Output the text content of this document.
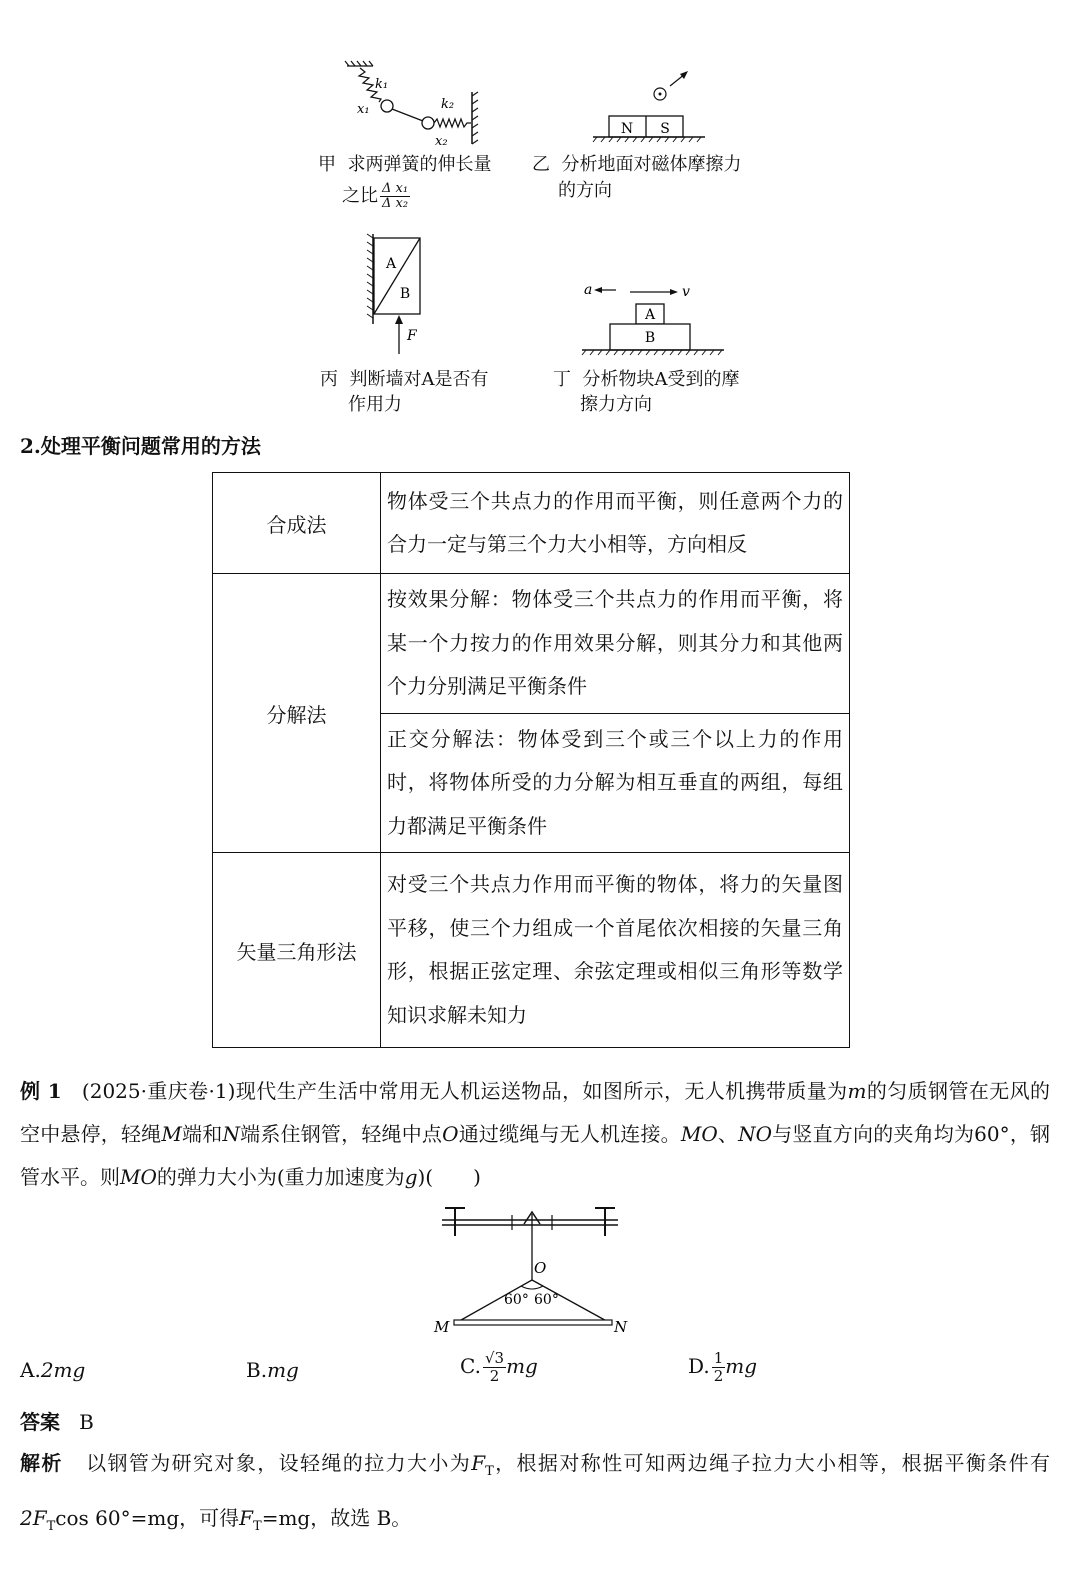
k₁
x₁	k₂
x₂
甲 求两弹簧的伸长量
之比 $\frac{\text{Δ x₁}}{\text{Δ x₂}}$
N S
乙 分析地面对磁体摩擦力
的方向
A
B
F
丙 判断墙对A是否有
作用力
a	v
A
B
丁 分析物块A受到的摩
擦力方向
2.处理平衡问题常用的方法
合成法	物体受三个共点力的作用而平衡，则任意两个力的合力一定与第三个力大小相等，方向相反
分解法	按效果分解：物体受三个共点力的作用而平衡，将某一个力按力的作用效果分解，则其分力和其他两个力分别满足平衡条件
	正交分解法：物体受到三个或三个以上力的作用时，将物体所受的力分解为相互垂直的两组，每组力都满足平衡条件
矢量三角形法	对受三个共点力作用而平衡的物体，将力的矢量图平移，使三个力组成一个首尾依次相接的矢量三角形，根据正弦定理、余弦定理或相似三角形等数学知识求解未知力
例 1 (2025·重庆卷·1)现代生产生活中常用无人机运送物品，如图所示，无人机携带质量为m的匀质钢管在无风的空中悬停，轻绳M端和N端系住钢管，轻绳中点O通过缆绳与无人机连接。MO、NO与竖直方向的夹角均为60°，钢管水平。则MO的弹力大小为(重力加速度为g)(　　)
O
60° 60°
M	N
A.2mg	B.mg	C. $\frac{√3}{2}$ mg	D. $\frac{1}{2}$ mg
答案 B
解析 以钢管为研究对象，设轻绳的拉力大小为$F_T$，根据对称性可知两边绳子拉力大小相等，根据平衡条件有$2F_T\cos$ 60°=mg，可得$F_T=mg$，故选 B。
